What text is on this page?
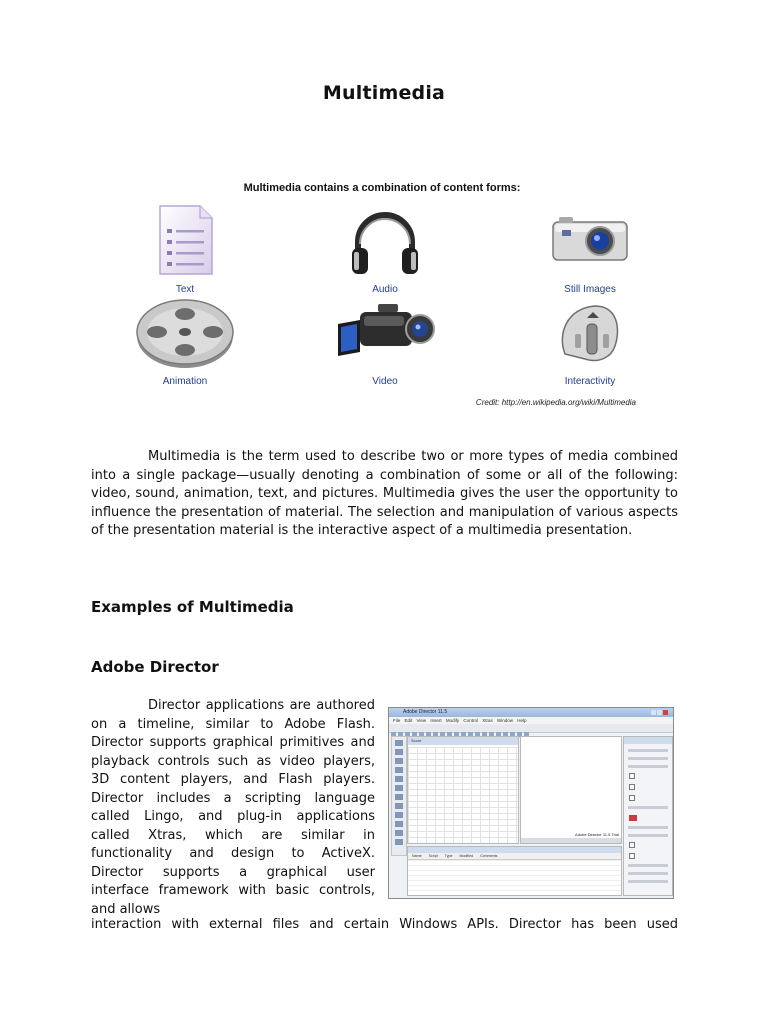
Multimedia
Multimedia contains a combination of content forms:
Text	Audio	Still Images
Animation	Video	Interactivity
Credit: http://en.wikipedia.org/wiki/Multimedia

Multimedia is the term used to describe two or more types of media combined into a single package—usually denoting a combination of some or all of the following: video, sound, animation, text, and pictures. Multimedia gives the user the opportunity to influence the presentation of material. The selection and manipulation of various aspects of the presentation material is the interactive aspect of a multimedia presentation.

Examples of Multimedia
Adobe Director

Director applications are authored on a timeline, similar to Adobe Flash. Director supports graphical primitives and playback controls such as video players, 3D content players, and Flash players. Director includes a scripting language called Lingo, and plug-in applications called Xtras, which are similar in functionality and design to ActiveX. Director supports a graphical user interface framework with basic controls, and allows

Adobe Director 11.5
File Edit View Insert Modify Control Xtras Window Help
Score
Adobe Director 11.5 Trial
Name Script Type Modified Comments

interaction with external files and certain Windows APIs. Director has been used
